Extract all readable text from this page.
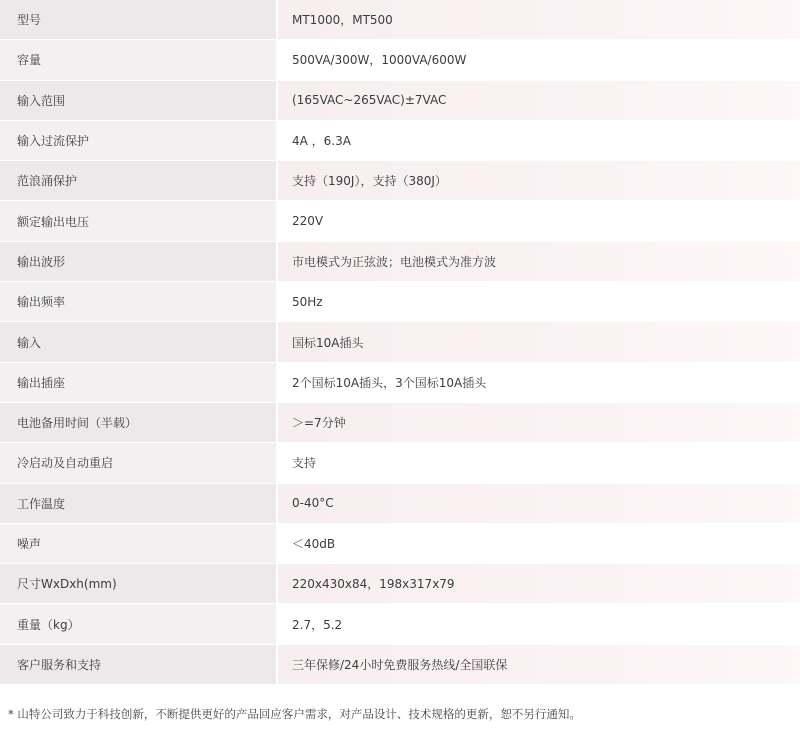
型号	MT1000，MT500
容量	500VA/300W，1000VA/600W
输入范围	(165VAC~265VAC)±7VAC
输入过流保护	4A ，6.3A
范浪涌保护	支持（190J），支持（380J）
额定输出电压	220V
输出波形	市电模式为正弦波；电池模式为准方波
输出频率	50Hz
输入	国标10A插头
输出插座	2个国标10A插头，3个国标10A插头
电池备用时间（半载）	＞=7分钟
冷启动及自动重启	支持
工作温度	0-40°C
噪声	＜40dB
尺寸WxDxh(mm)	220x430x84，198x317x79
重量（kg）	2.7，5.2
客户服务和支持	三年保修/24小时免费服务热线/全国联保
* 山特公司致力于科技创新，不断提供更好的产品回应客户需求，对产品设计、技术规格的更新，恕不另行通知。
